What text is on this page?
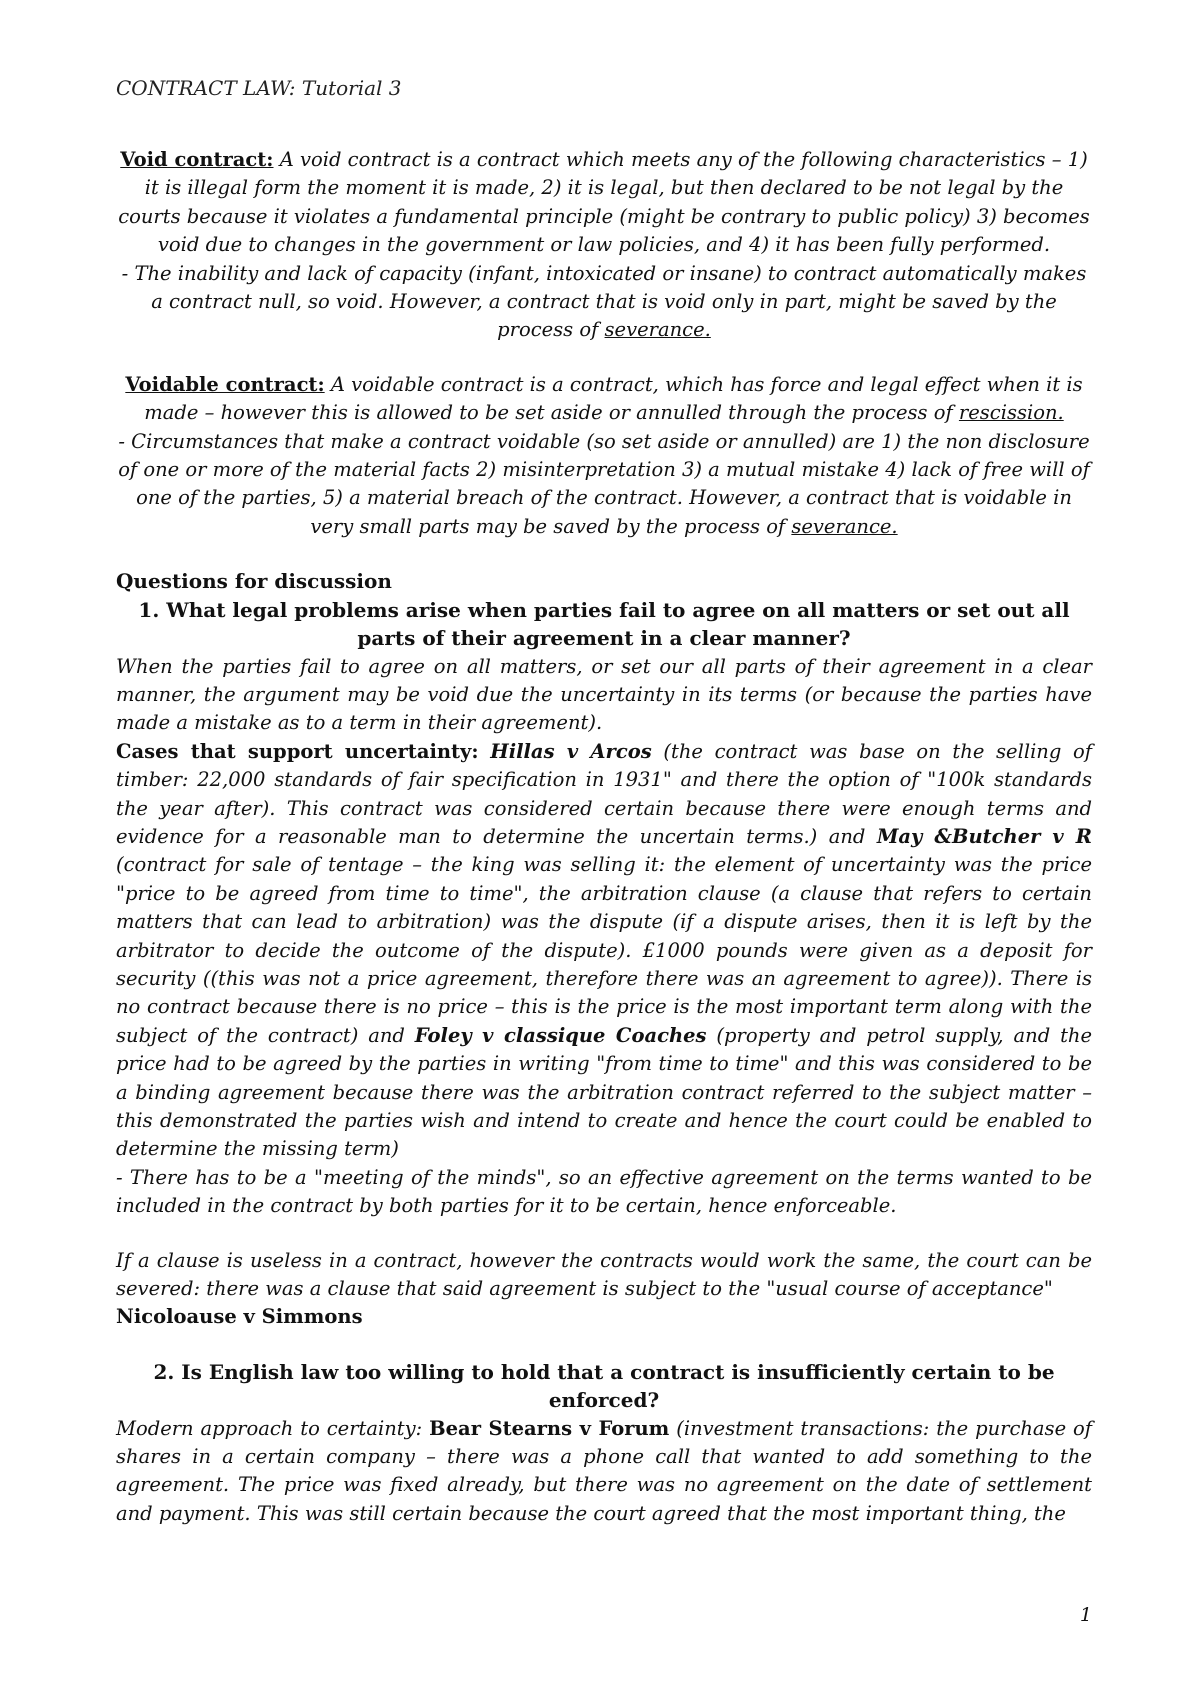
CONTRACT LAW: Tutorial 3

Void contract: A void contract is a contract which meets any of the following characteristics – 1) it is illegal form the moment it is made, 2) it is legal, but then declared to be not legal by the courts because it violates a fundamental principle (might be contrary to public policy) 3) becomes void due to changes in the government or law policies, and 4) it has been fully performed.

- The inability and lack of capacity (infant, intoxicated or insane) to contract automatically makes a contract null, so void. However, a contract that is void only in part, might be saved by the process of severance.

Voidable contract: A voidable contract is a contract, which has force and legal effect when it is made – however this is allowed to be set aside or annulled through the process of rescission.

- Circumstances that make a contract voidable (so set aside or annulled) are 1) the non disclosure of one or more of the material facts 2) misinterpretation 3) a mutual mistake 4) lack of free will of one of the parties, 5) a material breach of the contract. However, a contract that is voidable in very small parts may be saved by the process of severance.

Questions for discussion

1. What legal problems arise when parties fail to agree on all matters or set out all parts of their agreement in a clear manner?

When the parties fail to agree on all matters, or set our all parts of their agreement in a clear manner, the argument may be void due the uncertainty in its terms (or because the parties have made a mistake as to a term in their agreement).

Cases that support uncertainty: Hillas v Arcos (the contract was base on the selling of timber: 22,000 standards of fair specification in 1931" and there the option of "100k standards the year after). This contract was considered certain because there were enough terms and evidence for a reasonable man to determine the uncertain terms.) and May &Butcher v R (contract for sale of tentage – the king was selling it: the element of uncertainty was the price "price to be agreed from time to time", the arbitration clause (a clause that refers to certain matters that can lead to arbitration) was the dispute (if a dispute arises, then it is left by the arbitrator to decide the outcome of the dispute). £1000 pounds were given as a deposit for security ((this was not a price agreement, therefore there was an agreement to agree)). There is no contract because there is no price – this is the price is the most important term along with the subject of the contract) and Foley v classique Coaches (property and petrol supply, and the price had to be agreed by the parties in writing "from time to time" and this was considered to be a binding agreement because there was the arbitration contract referred to the subject matter – this demonstrated the parties wish and intend to create and hence the court could be enabled to determine the missing term)

- There has to be a "meeting of the minds", so an effective agreement on the terms wanted to be included in the contract by both parties for it to be certain, hence enforceable.

If a clause is useless in a contract, however the contracts would work the same, the court can be severed: there was a clause that said agreement is subject to the "usual course of acceptance"
Nicoloause v Simmons

2. Is English law too willing to hold that a contract is insufficiently certain to be enforced?

Modern approach to certainty: Bear Stearns v Forum (investment transactions: the purchase of shares in a certain company – there was a phone call that wanted to add something to the agreement. The price was fixed already, but there was no agreement on the date of settlement and payment. This was still certain because the court agreed that the most important thing, the

1
